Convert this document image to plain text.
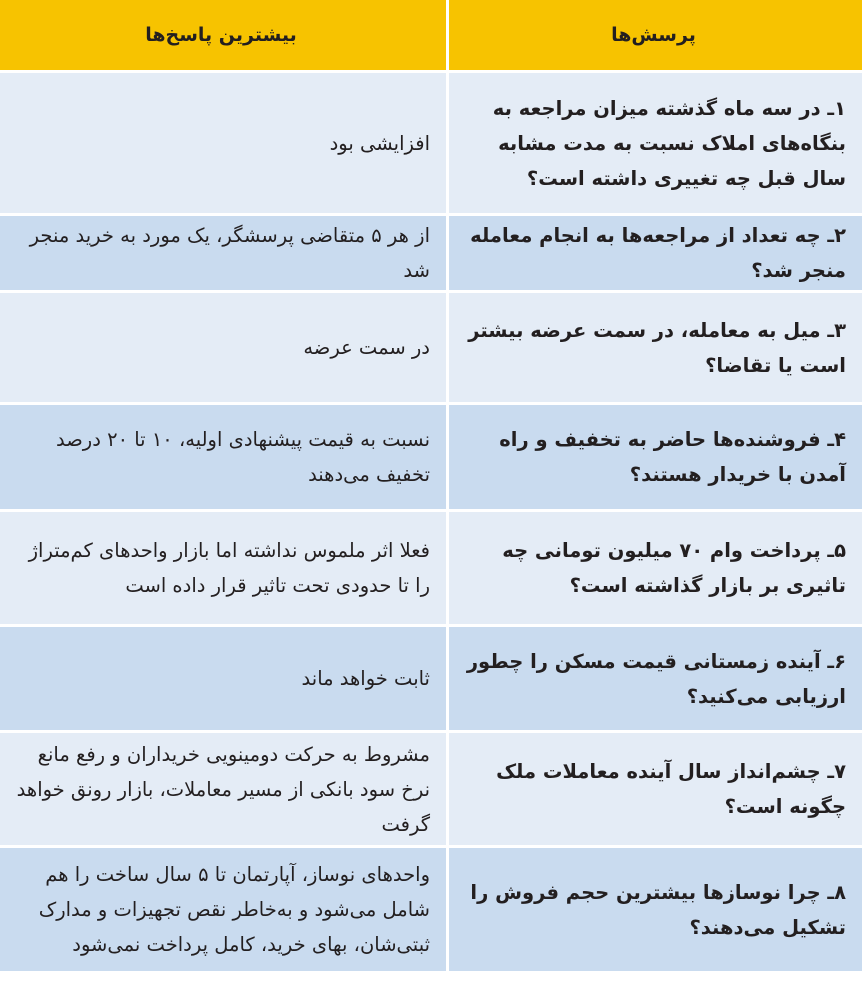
پرسش‌ها
بیشترین پاسخ‌ها
۱ـ در سه ماه گذشته میزان مراجعه به بنگاه‌های املاک نسبت به مدت مشابه سال قبل چه تغییری داشته است؟
افزایشی بود
۲ـ چه تعداد از مراجعه‌ها به انجام معامله منجر شد؟
از هر ۵ متقاضی پرسشگر، یک مورد به خرید منجر شد
۳ـ میل به معامله، در سمت عرضه بیشتر است یا تقاضا؟
در سمت عرضه
۴ـ فروشنده‌ها حاضر به تخفیف و راه آمدن با خریدار هستند؟
نسبت به قیمت پیشنهادی اولیه، ۱۰ تا ۲۰ درصد تخفیف می‌دهند
۵ـ پرداخت وام ۷۰ میلیون تومانی چه تاثیری بر بازار گذاشته است؟
فعلا اثر ملموس نداشته اما بازار واحدهای کم‌متراژ را تا حدودی تحت تاثیر قرار داده است
۶ـ آینده زمستانی قیمت مسکن را چطور ارزیابی می‌کنید؟
ثابت خواهد ماند
۷ـ چشم‌انداز سال آینده معاملات ملک چگونه است؟
مشروط به حرکت دومینویی خریداران و رفع مانع نرخ سود بانکی از مسیر معاملات، بازار رونق خواهد گرفت
۸ـ چرا نوسازها بیشترین حجم فروش را تشکیل می‌دهند؟
واحدهای نوساز، آپارتمان تا ۵ سال ساخت را هم شامل می‌شود و به‌خاطر نقص تجهیزات و مدارک ثبتی‌شان، بهای خرید، کامل پرداخت نمی‌شود
